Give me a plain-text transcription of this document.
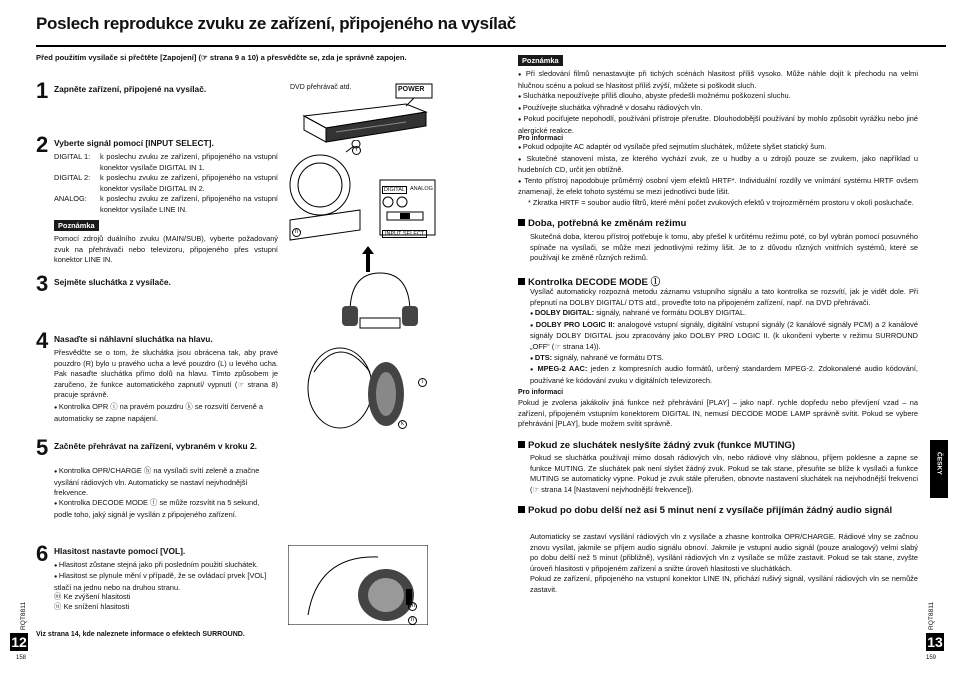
Poslech reprodukce zvuku ze zařízení, připojeného na vysílač
Před použitím vysílače si přečtěte [Zapojení] (☞ strana 9 a 10) a přesvědčte se, zda je správně zapojen.
1 Zapněte zařízení, připojené na vysílač.	DVD přehrávač atd.	POWER
2 Vyberte signál pomocí [INPUT SELECT].
DIGITAL 1:	k poslechu zvuku ze zařízení, připojeného na vstupní konektor vysílače DIGITAL IN 1.
DIGITAL 2:	k poslechu zvuku ze zařízení, připojeného na vstupní konektor vysílače DIGITAL IN 2.
ANALOG:	k poslechu zvuku ze zařízení, připojeného na vstupní konektor vysílače LINE IN.
Poznámka
Pomocí zdrojů duálního zvuku (MAIN/SUB), vyberte požadovaný zvuk na přehrávači nebo televizoru, připojeného přes vstupní konektor LINE IN.
DIGITAL ANALOG
INPUT SELECT
l
h
3 Sejměte sluchátka z vysílače.
4 Nasaďte si náhlavní sluchátka na hlavu.
Přesvědčte se o tom, že sluchátka jsou obrácena tak, aby pravé pouzdro (R) bylo u pravého ucha a levé pouzdro (L) u levého ucha. Pak nasaďte sluchátka přímo dolů na hlavu. Tímto způsobem je zaručeno, že funkce automatického zapnutí/ vypnutí (☞ strana 8) pracuje správně.
● Kontrolka OPR ⓘ na pravém pouzdru ⓚ se rozsvítí červeně a automaticky se zapne napájení.
i
k
5 Začněte přehrávat na zařízení, vybraném v kroku 2.
● Kontrolka OPR/CHARGE ⓗ na vysílači svítí zeleně a značne vysílání rádiových vln. Automaticky se nastaví nejvhodnější frekvence.
● Kontrolka DECODE MODE ⓛ se může rozsvítit na 5 sekund, podle toho, jaký signál je vysílán z připojeného zařízení.
6 Hlasitost nastavte pomocí [VOL].
● Hlasitost zůstane stejná jako při posledním použití sluchátek.
● Hlasitost se plynule mění v případě, že se ovládací prvek [VOL] stlačí na jednu nebo na druhou stranu.
ⓜ Ke zvýšení hlasitosti
ⓝ Ke snížení hlasitosti	m
n
Viz strana 14, kde naleznete informace o efektech SURROUND.
RQT8811
12
158
Poznámka
● Při sledování filmů nenastavujte při tichých scénách hlasitost příliš vysoko. Může náhle dojít k přechodu na velmi hlučnou scénu a pokud se hlasitost příliš zvýší, můžete si poškodit sluch.
● Sluchátka nepoužívejte příliš dlouho, abyste předešli možnému poškození sluchu.
● Používejte sluchátka výhradně v dosahu rádiových vln.
● Pokud pociťujete nepohodlí, používání přístroje přerušte. Dlouhodobější používání by mohlo způsobit vyrážku nebo jiné alergické reakce.
Pro informaci
● Pokud odpojíte AC adaptér od vysílače před sejmutím sluchátek, můžete slyšet statický šum.
● Skutečné stanovení místa, ze kterého vychází zvuk, ze u hudby a u zdrojů pouze se zvukem, jako například u hudebních CD, určit jen obtížně.
● Tento přístroj napodobuje průměrný osobní vjem efektů HRTF*. Individuální rozdíly ve vnímání systému HRTF ovšem znamenají, že efekt tohoto systému se mezi jednotlivci bude lišit.
* Zkratka HRTF = soubor audio filtrů, které mění počet zvukových efektů v trojrozměrném prostoru v okolí posluchače.
Doba, potřebná ke změnám režimu
Skutečná doba, kterou přístroj potřebuje k tomu, aby přešel k určitému režimu poté, co byl vybrán pomocí posuvného spínače na vysílači, se může mezi jednotlivými režimy lišit. Je to z důvodu různých vnitřních systémů, které se používají ke změně různých režimů.
Kontrolka DECODE MODE ⓛ
Vysílač automaticky rozpozná metodu záznamu vstupního signálu a tato kontrolka se rozsvítí, jak je vidět dole. Při přepnutí na DOLBY DIGITAL/ DTS atd., proveďte toto na připojeném zařízení, např. na DVD přehrávači.
● DOLBY DIGITAL: signály, nahrané ve formátu DOLBY DIGITAL.
● DOLBY PRO LOGIC II: analogové vstupní signály, digitální vstupní signály (2 kanálové signály PCM) a 2 kanálové signály DOLBY DIGITAL jsou zpracovány jako DOLBY PRO LOGIC II. (k ukončení vyberte v režimu SURROUND „OFF“ (☞ strana 14)).
● DTS: signály, nahrané ve formátu DTS.
● MPEG-2 AAC: jeden z kompresních audio formátů, určený standardem MPEG-2. Zdokonalené audio kódování, používané ke kódování zvuku v digitálních televizorech.
Pro informaci
Pokud je zvolena jakákoliv jiná funkce než přehrávání [PLAY] – jako např. rychle dopředu nebo převíjení vzad – na zařízení, připojeném vstupním konektorem DIGITAL IN, nemusí DECODE MODE LAMP správně svítit. Pokud se vybere přehrávání [PLAY], bude možem svítit správně.
Pokud ze sluchátek neslyšíte žádný zvuk (funkce MUTING)
Pokud se sluchátka používají mimo dosah rádiových vln, nebo rádiové vlny slábnou, příjem poklesne a zapne se funkce MUTING. Ze sluchátek pak není slyšet žádný zvuk. Pokud se tak stane, přesuňte se blíže k vysílači a funkce MUTING se automaticky vypne. Pokud je zvuk stále přerušen, obnovte nastavení sluchátek na nejvhodnější frekvenci (☞ strana 14 [Nastavení nejvhodnější frekvence]).
Pokud po dobu delší než asi 5 minut není z vysílače přijímán žádný audio signál
Automaticky se zastaví vysílání rádiových vln z vysílače a zhasne kontrolka OPR/CHARGE. Rádiové vlny se začnou znovu vysílat, jakmile se příjem audio signálu obnoví. Jakmile je vstupní audio signál (pouze analogový) velmi slabý po dobu delší než 5 minut (přibližně), vysílání rádiových vln z vysílače se může zastavit. Pokud se tak stane, zvyšte úroveň hlasitosti v připojeném zařízení a snižte úroveň hlasitosti ve sluchátkách.
Pokud ze zařízení, připojeného na vstupní konektor LINE IN, přichází rušivý signál, vysílání rádiových vln se nemůže zastavit.
ČESKY
RQT8811
13
159
